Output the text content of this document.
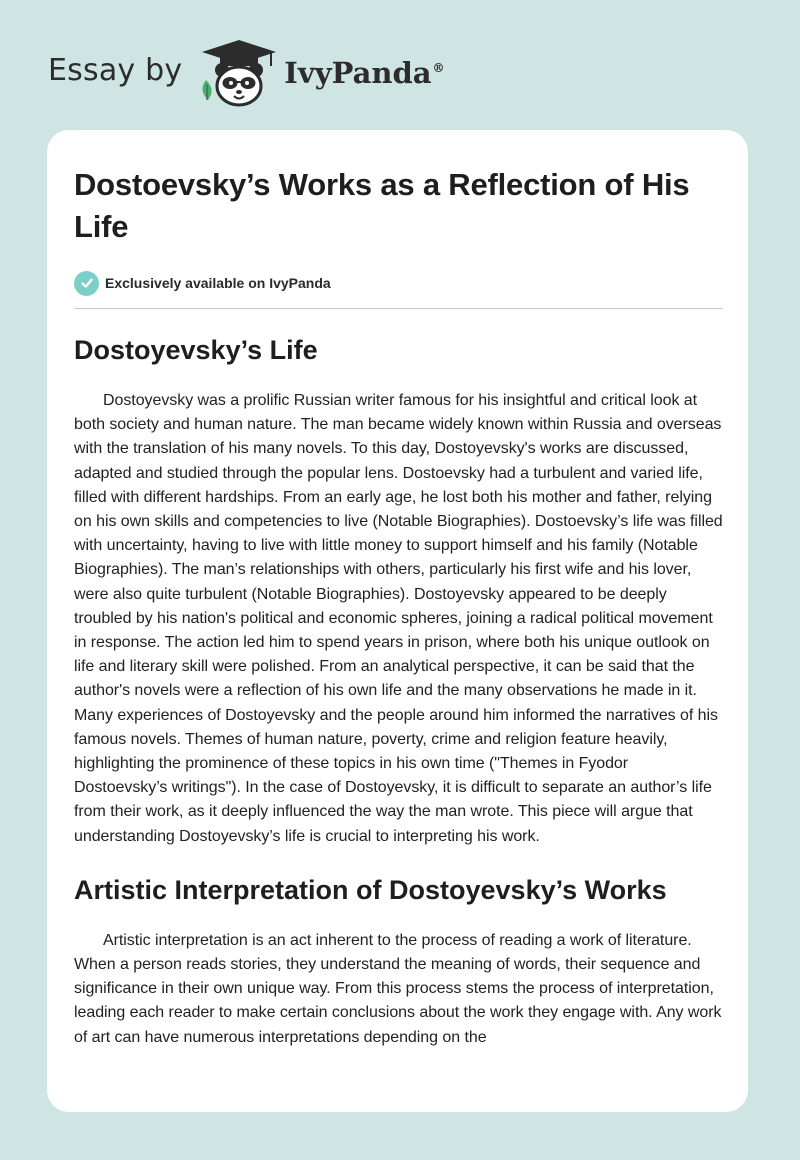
Essay by	IvyPanda®
Dostoevsky’s Works as a Reflection of His Life
Exclusively available on IvyPanda
Dostoyevsky’s Life

Dostoyevsky was a prolific Russian writer famous for his insightful and critical look at both society and human nature. The man became widely known within Russia and overseas with the translation of his many novels. To this day, Dostoyevsky's works are discussed, adapted and studied through the popular lens. Dostoevsky had a turbulent and varied life, filled with different hardships. From an early age, he lost both his mother and father, relying on his own skills and competencies to live (Notable Biographies). Dostoevsky’s life was filled with uncertainty, having to live with little money to support himself and his family (Notable Biographies). The man’s relationships with others, particularly his first wife and his lover, were also quite turbulent (Notable Biographies). Dostoyevsky appeared to be deeply troubled by his nation's political and economic spheres, joining a radical political movement in response. The action led him to spend years in prison, where both his unique outlook on life and literary skill were polished. From an analytical perspective, it can be said that the author's novels were a reflection of his own life and the many observations he made in it. Many experiences of Dostoyevsky and the people around him informed the narratives of his famous novels. Themes of human nature, poverty, crime and religion feature heavily, highlighting the prominence of these topics in his own time ("Themes in Fyodor Dostoevsky’s writings"). In the case of Dostoyevsky, it is difficult to separate an author’s life from their work, as it deeply influenced the way the man wrote. This piece will argue that understanding Dostoyevsky’s life is crucial to interpreting his work.

Artistic Interpretation of Dostoyevsky’s Works

Artistic interpretation is an act inherent to the process of reading a work of literature. When a person reads stories, they understand the meaning of words, their sequence and significance in their own unique way. From this process stems the process of interpretation, leading each reader to make certain conclusions about the work they engage with. Any work of art can have numerous interpretations depending on the
